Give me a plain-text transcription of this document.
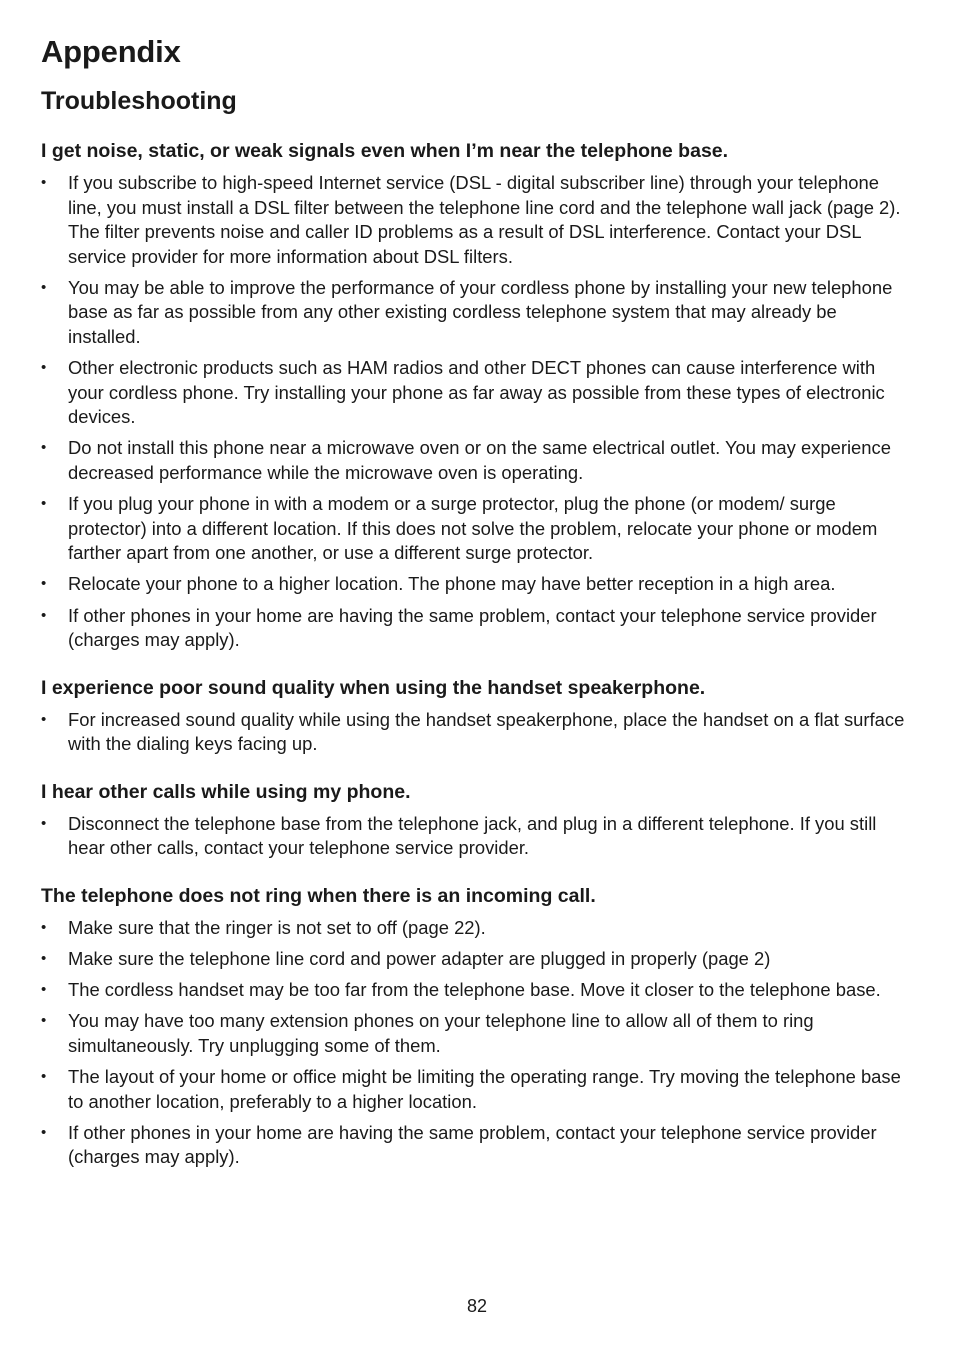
Appendix
Troubleshooting
I get noise, static, or weak signals even when I’m near the telephone base.
• If you subscribe to high-speed Internet service (DSL - digital subscriber line) through your telephone line, you must install a DSL filter between the telephone line cord and the telephone wall jack (page 2). The filter prevents noise and caller ID problems as a result of DSL interference. Contact your DSL service provider for more information about DSL filters.
• You may be able to improve the performance of your cordless phone by installing your new telephone base as far as possible from any other existing cordless telephone system that may already be installed.
• Other electronic products such as HAM radios and other DECT phones can cause interference with your cordless phone. Try installing your phone as far away as possible from these types of electronic devices.
• Do not install this phone near a microwave oven or on the same electrical outlet. You may experience decreased performance while the microwave oven is operating.
• If you plug your phone in with a modem or a surge protector, plug the phone (or modem/ surge protector) into a different location. If this does not solve the problem, relocate your phone or modem farther apart from one another, or use a different surge protector.
• Relocate your phone to a higher location. The phone may have better reception in a high area.
• If other phones in your home are having the same problem, contact your telephone service provider (charges may apply).
I experience poor sound quality when using the handset speakerphone.
• For increased sound quality while using the handset speakerphone, place the handset on a flat surface with the dialing keys facing up.
I hear other calls while using my phone.
• Disconnect the telephone base from the telephone jack, and plug in a different telephone. If you still hear other calls, contact your telephone service provider.
The telephone does not ring when there is an incoming call.
• Make sure that the ringer is not set to off (page 22).
• Make sure the telephone line cord and power adapter are plugged in properly (page 2)
• The cordless handset may be too far from the telephone base. Move it closer to the telephone base.
• You may have too many extension phones on your telephone line to allow all of them to ring simultaneously. Try unplugging some of them.
• The layout of your home or office might be limiting the operating range. Try moving the telephone base to another location, preferably to a higher location.
• If other phones in your home are having the same problem, contact your telephone service provider (charges may apply).
82
